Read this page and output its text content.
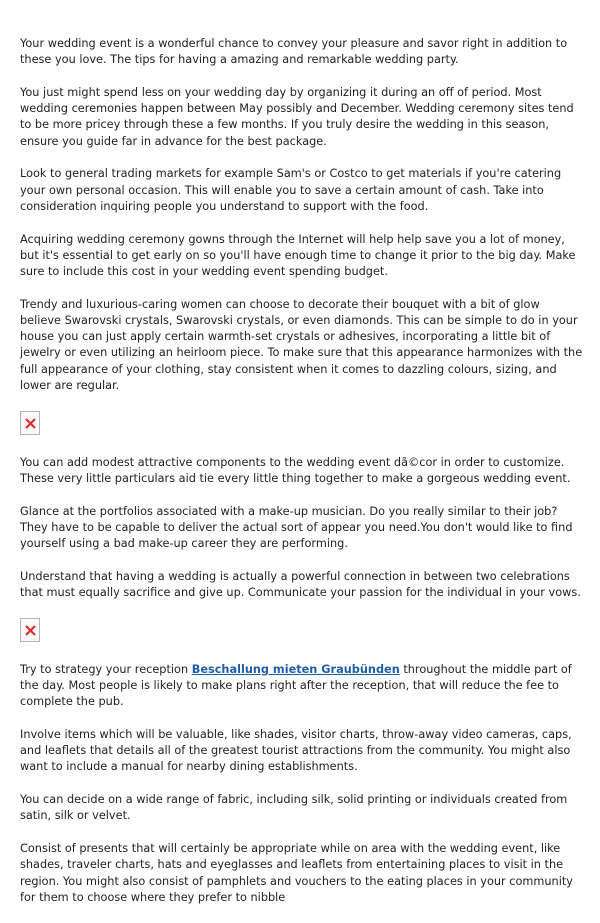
Your wedding event is a wonderful chance to convey your pleasure and savor right in addition to these you love. The tips for having a amazing and remarkable wedding party.

You just might spend less on your wedding day by organizing it during an off of period. Most wedding ceremonies happen between May possibly and December. Wedding ceremony sites tend to be more pricey through these a few months. If you truly desire the wedding in this season, ensure you guide far in advance for the best package.

Look to general trading markets for example Sam's or Costco to get materials if you're catering your own personal occasion. This will enable you to save a certain amount of cash. Take into consideration inquiring people you understand to support with the food.

Acquiring wedding ceremony gowns through the Internet will help help save you a lot of money, but it's essential to get early on so you'll have enough time to change it prior to the big day. Make sure to include this cost in your wedding event spending budget.

Trendy and luxurious-caring women can choose to decorate their bouquet with a bit of glow believe Swarovski crystals, Swarovski crystals, or even diamonds. This can be simple to do in your house you can just apply certain warmth-set crystals or adhesives, incorporating a little bit of jewelry or even utilizing an heirloom piece. To make sure that this appearance harmonizes with the full appearance of your clothing, stay consistent when it comes to dazzling colours, sizing, and lower are regular.

You can add modest attractive components to the wedding event dã©cor in order to customize. These very little particulars aid tie every little thing together to make a gorgeous wedding event.

Glance at the portfolios associated with a make-up musician. Do you really similar to their job? They have to be capable to deliver the actual sort of appear you need.You don't would like to find yourself using a bad make-up career they are performing.

Understand that having a wedding is actually a powerful connection in between two celebrations that must equally sacrifice and give up. Communicate your passion for the individual in your vows.

Try to strategy your reception Beschallung mieten Graubünden throughout the middle part of the day. Most people is likely to make plans right after the reception, that will reduce the fee to complete the pub.

Involve items which will be valuable, like shades, visitor charts, throw-away video cameras, caps, and leaflets that details all of the greatest tourist attractions from the community. You might also want to include a manual for nearby dining establishments.

You can decide on a wide range of fabric, including silk, solid printing or individuals created from satin, silk or velvet.

Consist of presents that will certainly be appropriate while on area with the wedding event, like shades, traveler charts, hats and eyeglasses and leaflets from entertaining places to visit in the region. You might also consist of pamphlets and vouchers to the eating places in your community for them to choose where they prefer to nibble
